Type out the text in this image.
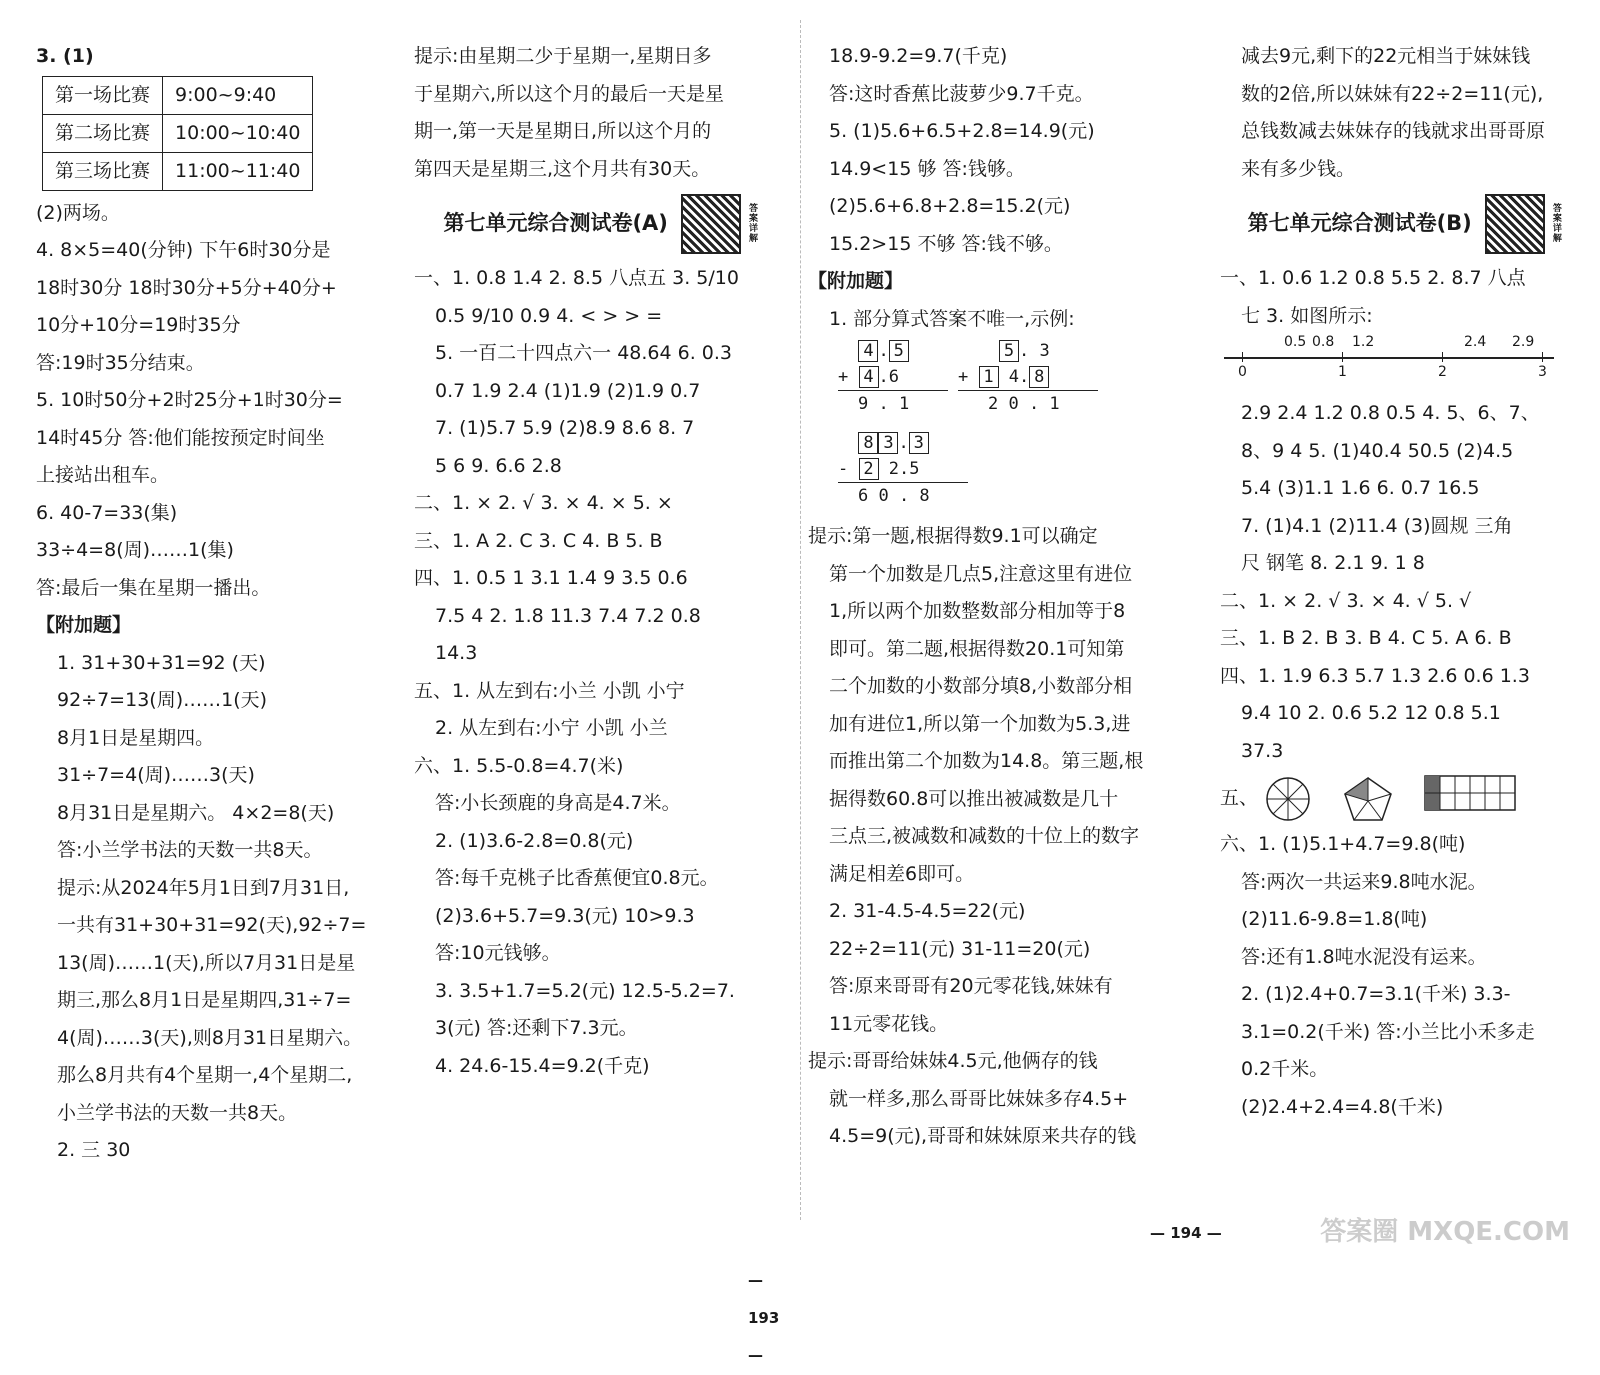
3. (1)

第一场比赛	9:00~9:40
第二场比赛	10:00~10:40
第三场比赛	11:00~11:40

(2)两场。

4. 8×5=40(分钟) 下午6时30分是

18时30分 18时30分+5分+40分+

10分+10分=19时35分

答:19时35分结束。

5. 10时50分+2时25分+1时30分=

14时45分 答:他们能按预定时间坐

上接站出租车。

6. 40-7=33(集)

33÷4=8(周)……1(集)

答:最后一集在星期一播出。

【附加题】

1. 31+30+31=92 (天)

92÷7=13(周)……1(天)

8月1日是星期四。

31÷7=4(周)……3(天)

8月31日是星期六。 4×2=8(天)

答:小兰学书法的天数一共8天。

提示:从2024年5月1日到7月31日,

一共有31+30+31=92(天),92÷7=

13(周)……1(天),所以7月31日是星

期三,那么8月1日是星期四,31÷7=

4(周)……3(天),则8月31日星期六。

那么8月共有4个星期一,4个星期二,

小兰学书法的天数一共8天。

2. 三 30

提示:由星期二少于星期一,星期日多

于星期六,所以这个月的最后一天是星

期一,第一天是星期日,所以这个月的

第四天是星期三,这个月共有30天。

第七单元综合测试卷(A)  答案详解

一、1. 0.8 1.4 2. 8.5 八点五 3. 5/10

0.5 9/10 0.9 4. < > > =

5. 一百二十四点六一 48.64 6. 0.3

0.7 1.9 2.4 (1)1.9 (2)1.9 0.7

7. (1)5.7 5.9 (2)8.9 8.6 8. 7

5 6 9. 6.6 2.8

二、1. × 2. √ 3. × 4. × 5. ×

三、1. A 2. C 3. C 4. B 5. B

四、1. 0.5 1 3.1 1.4 9 3.5 0.6

7.5 4 2. 1.8 11.3 7.4 7.2 0.8

14.3

五、1. 从左到右:小兰 小凯 小宁

2. 从左到右:小宁 小凯 小兰

六、1. 5.5-0.8=4.7(米)

答:小长颈鹿的身高是4.7米。

2. (1)3.6-2.8=0.8(元)

答:每千克桃子比香蕉便宜0.8元。

(2)3.6+5.7=9.3(元) 10>9.3

答:10元钱够。

3. 3.5+1.7=5.2(元) 12.5-5.2=7.

3(元) 答:还剩下7.3元。

4. 24.6-15.4=9.2(千克)

— 193 —

18.9-9.2=9.7(千克)

答:这时香蕉比菠萝少9.7千克。

5. (1)5.6+6.5+2.8=14.9(元)

14.9<15 够 答:钱够。

(2)5.6+6.8+2.8=15.2(元)

15.2>15 不够 答:钱不够。

【附加题】

1. 部分算式答案不唯一,示例:

4 . 5
+ 4 .6
9 . 1
5 . 3
+ 1 4. 8
2 0 . 1
8 3 . 3
- 2 2.5
6 0 . 8

提示:第一题,根据得数9.1可以确定

第一个加数是几点5,注意这里有进位

1,所以两个加数整数部分相加等于8

即可。第二题,根据得数20.1可知第

二个加数的小数部分填8,小数部分相

加有进位1,所以第一个加数为5.3,进

而推出第二个加数为14.8。第三题,根

据得数60.8可以推出被减数是几十

三点三,被减数和减数的十位上的数字

满足相差6即可。

2. 31-4.5-4.5=22(元)

22÷2=11(元) 31-11=20(元)

答:原来哥哥有20元零花钱,妹妹有

11元零花钱。

提示:哥哥给妹妹4.5元,他俩存的钱

就一样多,那么哥哥比妹妹多存4.5+

4.5=9(元),哥哥和妹妹原来共存的钱

减去9元,剩下的22元相当于妹妹钱

数的2倍,所以妹妹有22÷2=11(元),

总钱数减去妹妹存的钱就求出哥哥原

来有多少钱。

第七单元综合测试卷(B)  答案详解

一、1. 0.6 1.2 0.8 5.5 2. 8.7 八点

七 3. 如图所示:

0.5 0.8 1.2	2.4 2.9
0	1	2	3

2.9 2.4 1.2 0.8 0.5 4. 5、6、7、

8、9 4 5. (1)40.4 50.5 (2)4.5

5.4 (3)1.1 1.6 6. 0.7 16.5

7. (1)4.1 (2)11.4 (3)圆规 三角

尺 钢笔 8. 2.1 9. 1 8

二、1. × 2. √ 3. × 4. √ 5. √

三、1. B 2. B 3. B 4. C 5. A 6. B

四、1. 1.9 6.3 5.7 1.3 2.6 0.6 1.3

9.4 10 2. 0.6 5.2 12 0.8 5.1

37.3

五、

六、1. (1)5.1+4.7=9.8(吨)

答:两次一共运来9.8吨水泥。

(2)11.6-9.8=1.8(吨)

答:还有1.8吨水泥没有运来。

2. (1)2.4+0.7=3.1(千米) 3.3-

3.1=0.2(千米) 答:小兰比小禾多走

0.2千米。

(2)2.4+2.4=4.8(千米)

— 194 —	答案圈 MXQE.COM
